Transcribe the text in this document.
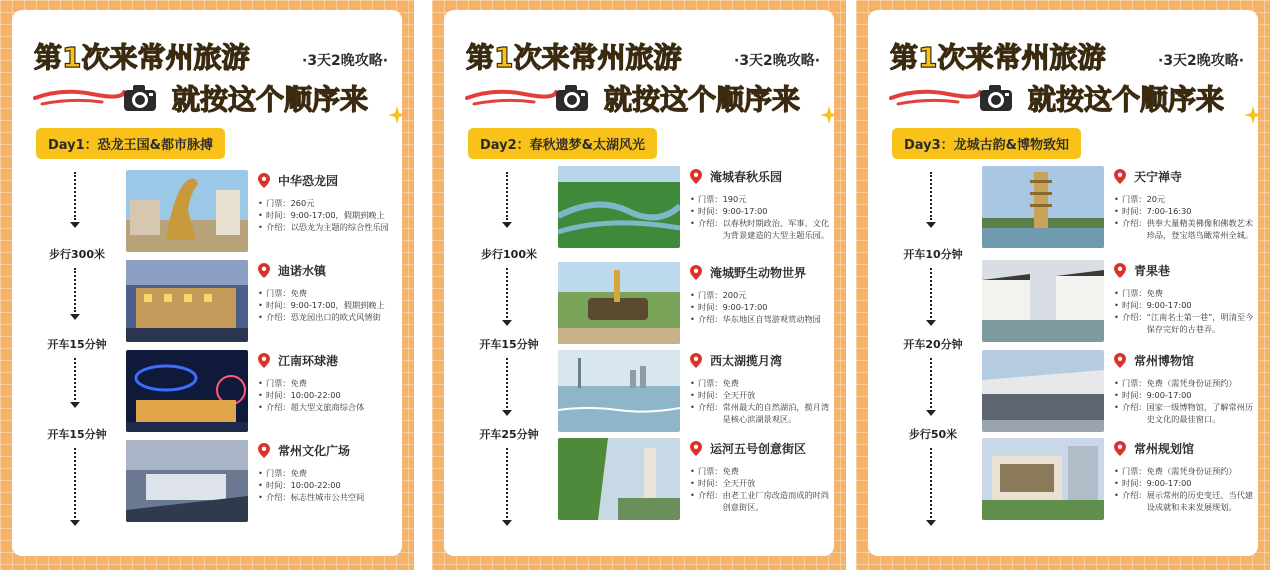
第1次来常州旅游	·3天2晚攻略·
就按这个顺序来
Day1：恐龙王国&都市脉搏
步行300米
开车15分钟
开车15分钟
中华恐龙园
• 门票： 260元
• 时间： 9:00-17:00，假期到晚上
• 介绍： 以恐龙为主题的综合性乐园
迪诺水镇
• 门票： 免费
• 时间： 9:00-17:00，假期到晚上
• 介绍： 恐龙园出口的欧式风情街
江南环球港
• 门票： 免费
• 时间： 10:00-22:00
• 介绍： 超大型文旅商综合体
常州文化广场
• 门票： 免费
• 时间： 10:00-22:00
• 介绍： 标志性城市公共空间
第1次来常州旅游	·3天2晚攻略·
就按这个顺序来
Day2：春秋遗梦&太湖风光
步行100米
开车15分钟
开车25分钟
淹城春秋乐园
• 门票： 190元
• 时间： 9:00-17:00
• 介绍： 以春秋时期政治、军事、文化为背景建造的大型主题乐园。
淹城野生动物世界
• 门票： 200元
• 时间： 9:00-17:00
• 介绍： 华东地区自驾游观赏动物园
西太湖揽月湾
• 门票： 免费
• 时间： 全天开放
• 介绍： 常州最大的自然湖泊，揽月湾是核心滨湖景观区。
运河五号创意街区
• 门票： 免费
• 时间： 全天开放
• 介绍： 由老工业厂房改造而成的时尚创意街区。
第1次来常州旅游	·3天2晚攻略·
就按这个顺序来
Day3：龙城古韵&博物致知
开车10分钟
开车20分钟
步行50米
天宁禅寺
• 门票： 20元
• 时间： 7:00-16:30
• 介绍： 供奉大量精美佛像和佛教艺术珍品，登宝塔鸟瞰常州全城。
青果巷
• 门票： 免费
• 时间： 9:00-17:00
• 介绍： “江南名士第一巷”，明清至今保存完好的古巷弄。
常州博物馆
• 门票： 免费（需凭身份证预约）
• 时间： 9:00-17:00
• 介绍： 国家一级博物馆，了解常州历史文化的最佳窗口。
常州规划馆
• 门票： 免费（需凭身份证预约）
• 时间： 9:00-17:00
• 介绍： 展示常州的历史变迁、当代建设成就和未来发展规划。
